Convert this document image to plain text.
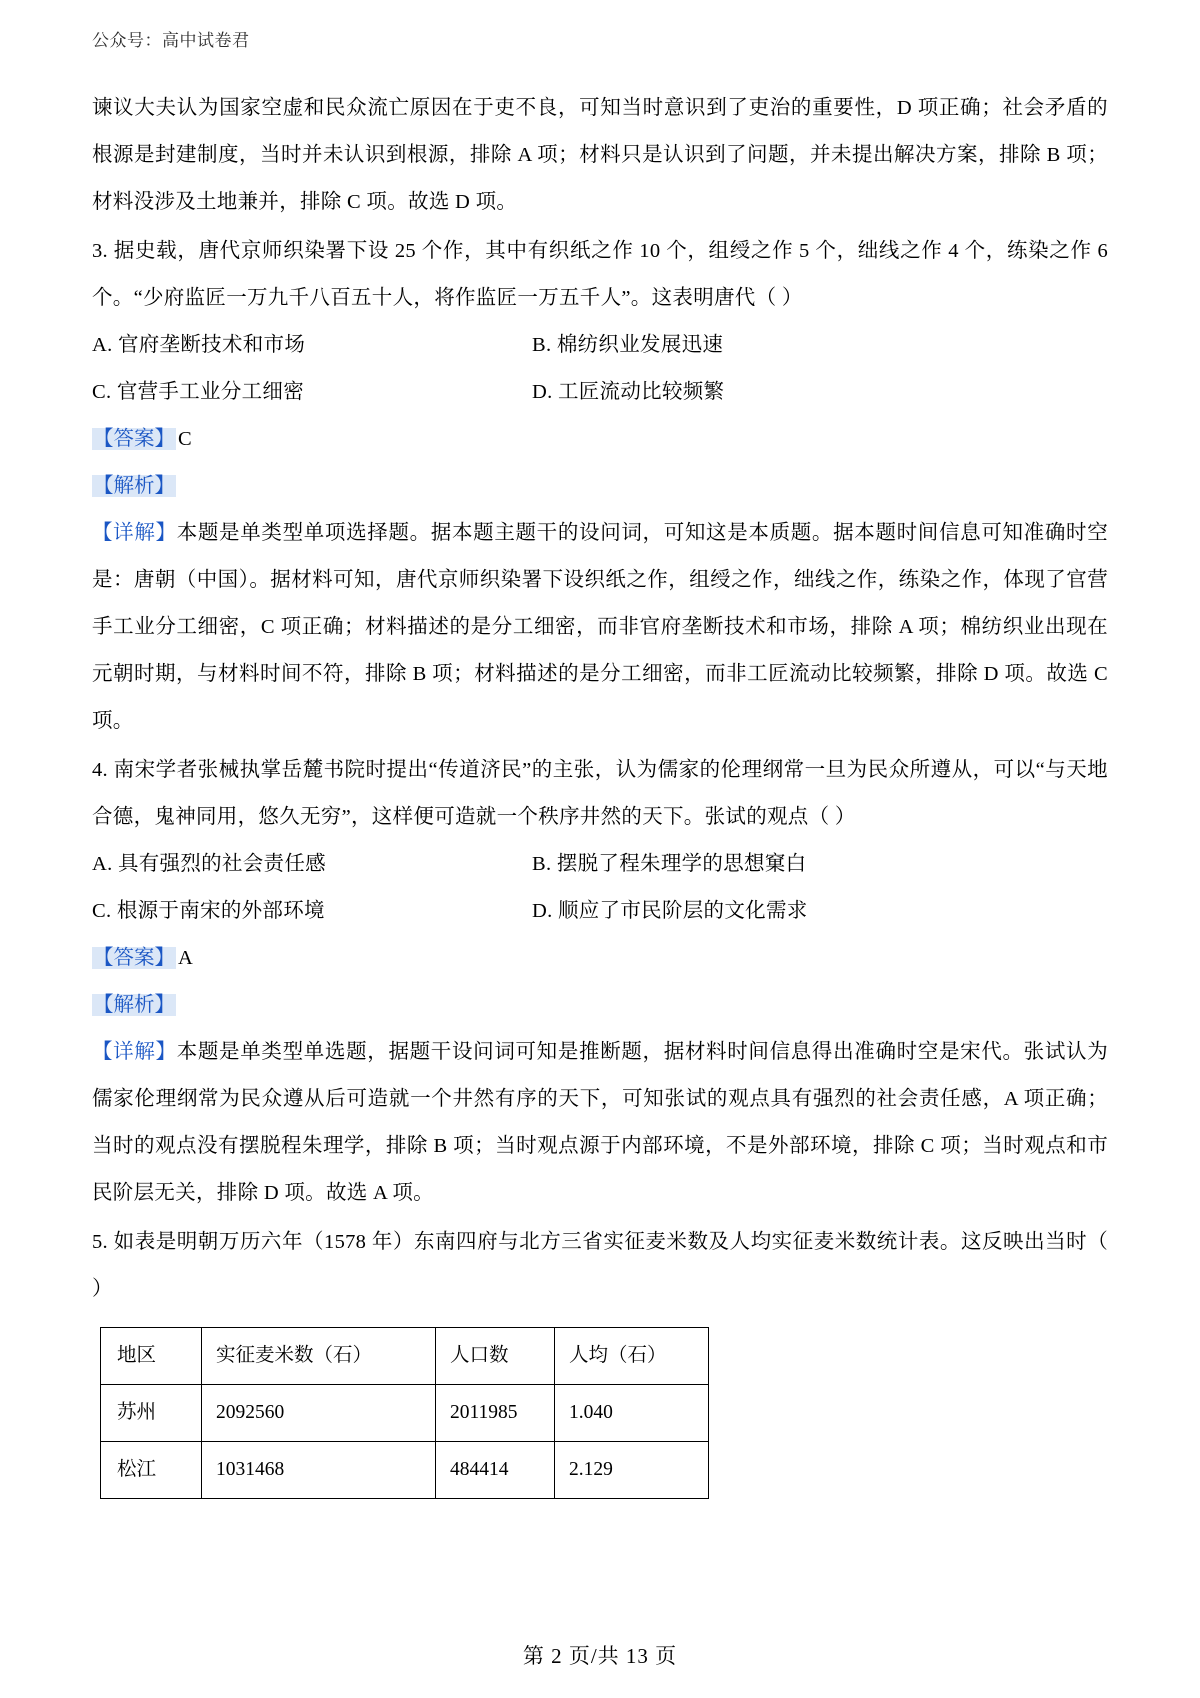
公众号：高中试卷君

谏议大夫认为国家空虚和民众流亡原因在于吏不良，可知当时意识到了吏治的重要性，D 项正确；社会矛盾的根源是封建制度，当时并未认识到根源，排除 A 项；材料只是认识到了问题，并未提出解决方案，排除 B 项；材料没涉及土地兼并，排除 C 项。故选 D 项。

3. 据史载，唐代京师织染署下设 25 个作，其中有织纸之作 10 个，组绶之作 5 个，绌线之作 4 个，练染之作 6 个。“少府监匠一万九千八百五十人，将作监匠一万五千人”。这表明唐代（ ）

A. 官府垄断技术和市场	B. 棉纺织业发展迅速
C. 官营手工业分工细密	D. 工匠流动比较频繁

【答案】 C

【解析】

【详解】本题是单类型单项选择题。据本题主题干的设问词，可知这是本质题。据本题时间信息可知准确时空是：唐朝（中国）。据材料可知，唐代京师织染署下设织纸之作，组绶之作，绌线之作，练染之作，体现了官营手工业分工细密，C 项正确；材料描述的是分工细密，而非官府垄断技术和市场，排除 A 项；棉纺织业出现在元朝时期，与材料时间不符，排除 B 项；材料描述的是分工细密，而非工匠流动比较频繁，排除 D 项。故选 C 项。

4. 南宋学者张械执掌岳麓书院时提出“传道济民”的主张，认为儒家的伦理纲常一旦为民众所遵从，可以“与天地合德，鬼神同用，悠久无穷”，这样便可造就一个秩序井然的天下。张试的观点（ ）

A. 具有强烈的社会责任感	B. 摆脱了程朱理学的思想窠白
C. 根源于南宋的外部环境	D. 顺应了市民阶层的文化需求

【答案】 A

【解析】

【详解】本题是单类型单选题，据题干设问词可知是推断题，据材料时间信息得出准确时空是宋代。张试认为儒家伦理纲常为民众遵从后可造就一个井然有序的天下，可知张试的观点具有强烈的社会责任感，A 项正确；当时的观点没有摆脱程朱理学，排除 B 项；当时观点源于内部环境，不是外部环境，排除 C 项；当时观点和市民阶层无关，排除 D 项。故选 A 项。

5. 如表是明朝万历六年（1578 年）东南四府与北方三省实征麦米数及人均实征麦米数统计表。这反映出当时（ ）

地区	实征麦米数（石）	人口数	人均（石）
苏州	2092560	2011985	1.040
松江	1031468	484414	2.129
第 2 页/共 13 页
